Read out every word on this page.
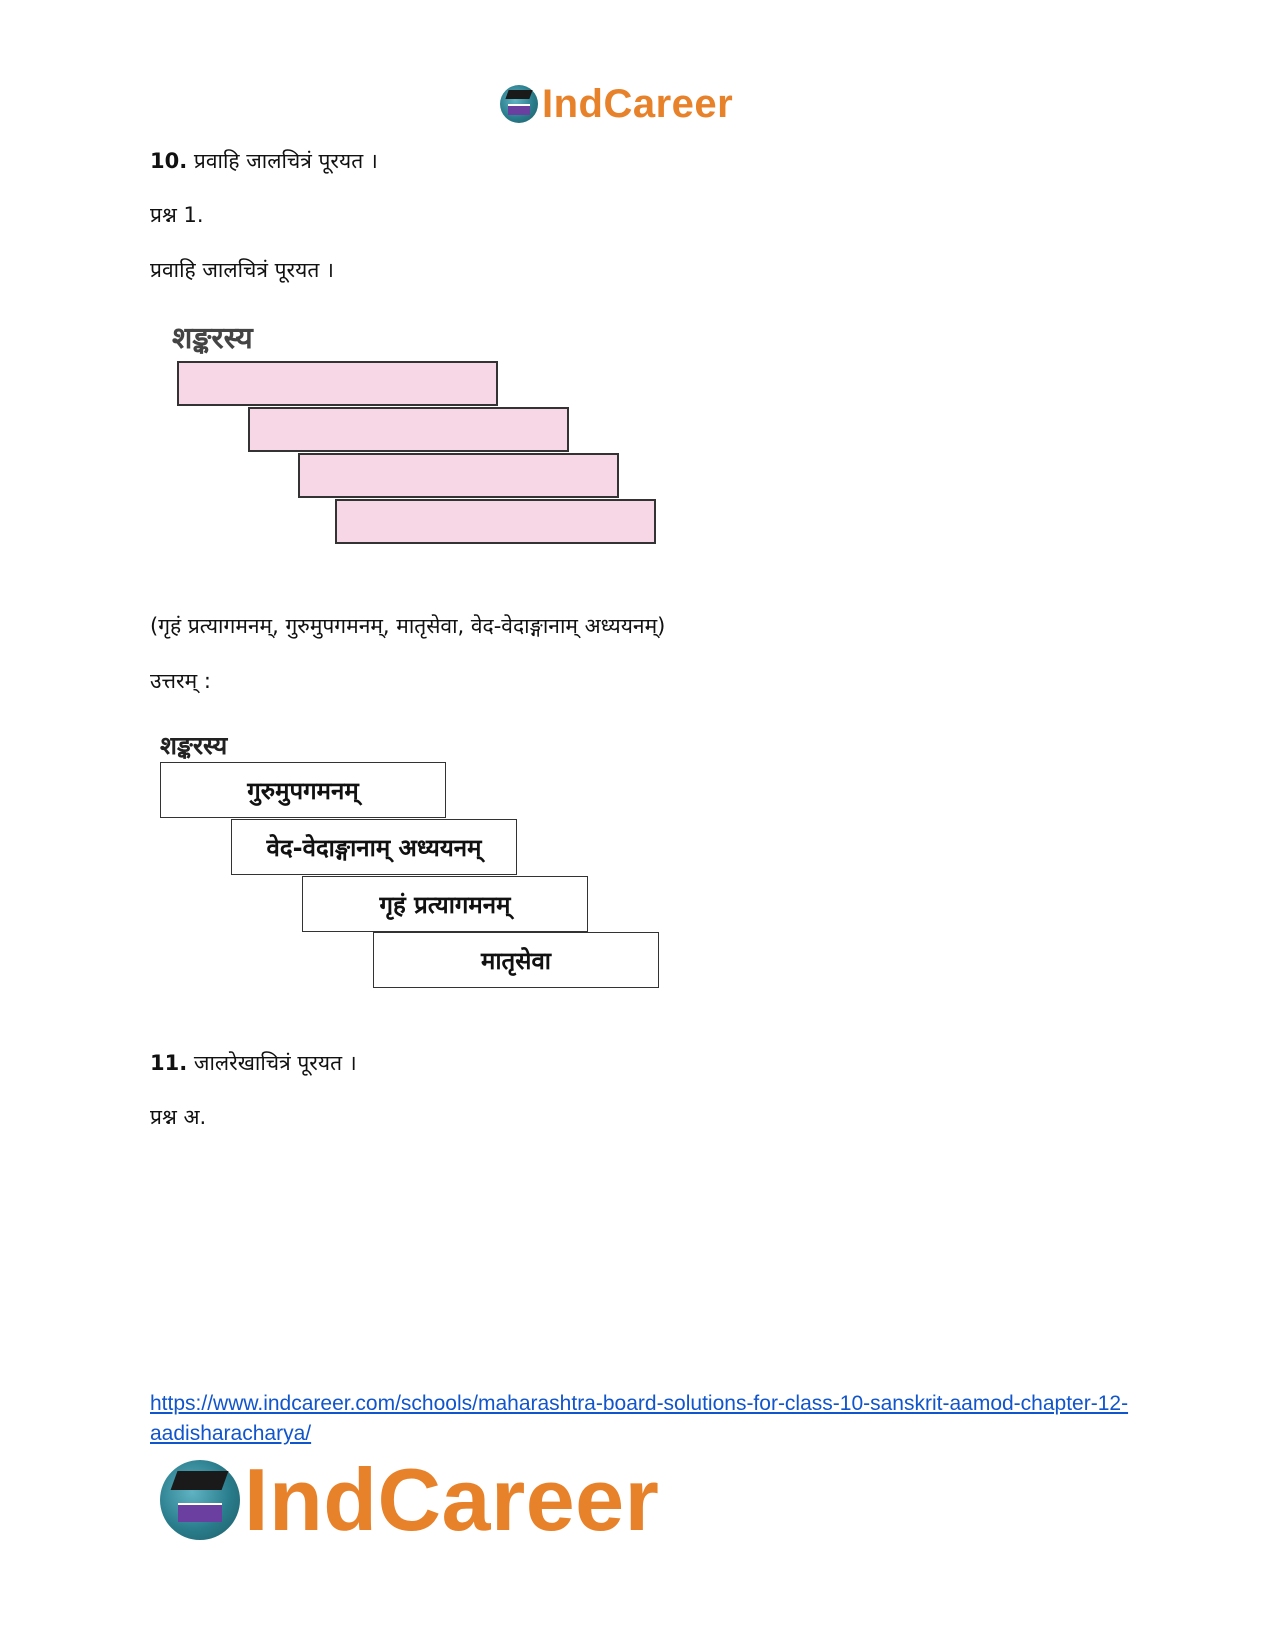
IndCareer
10. प्रवाहि जालचित्रं पूरयत ।
प्रश्न 1.
प्रवाहि जालचित्रं पूरयत ।
शङ्करस्य
(गृहं प्रत्यागमनम्, गुरुमुपगमनम्, मातृसेवा, वेद-वेदाङ्गानाम् अध्ययनम्)
उत्तरम् :
शङ्करस्य
गुरुमुपगमनम्
वेद-वेदाङ्गानाम् अध्ययनम्
गृहं प्रत्यागमनम्
मातृसेवा
11. जालरेखाचित्रं पूरयत ।
प्रश्न अ.
https://www.indcareer.com/schools/maharashtra-board-solutions-for-class-10-sanskrit-aamod-chapter-12-aadisharacharya/
IndCareer
